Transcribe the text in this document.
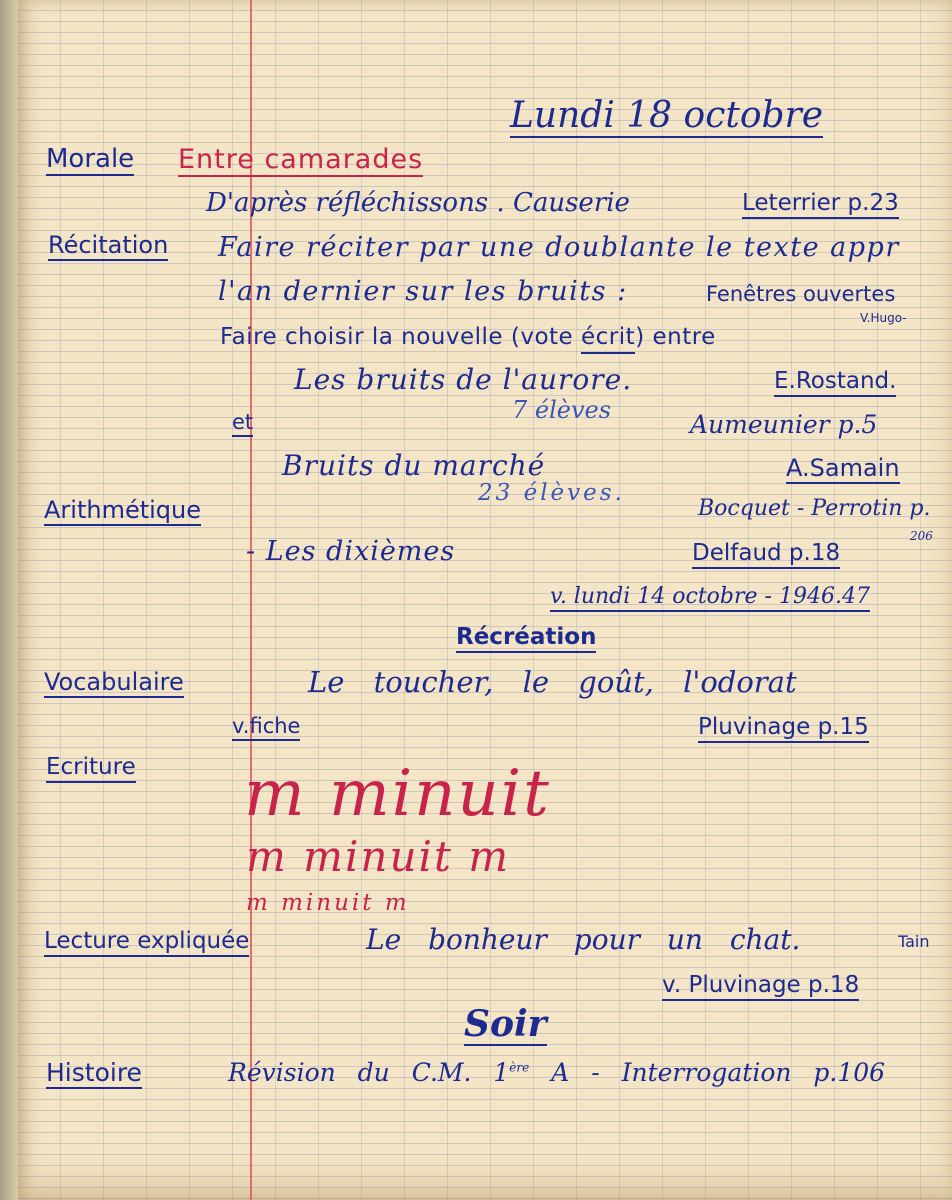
Lundi 18 octobre
Morale Entre camarades
D'après réfléchissons . Causerie	Leterrier p.23
Récitation Faire réciter par une doublante le texte appr
l'an dernier sur les bruits :	Fenêtres ouvertes
V.Hugo-
Faire choisir la nouvelle (vote écrit) entre
Les bruits de l'aurore.	E.Rostand.
et	7 élèves	Aumeunier p.5
Bruits du marché	A.Samain
23 élèves.
Arithmétique	Bocquet - Perrotin p.
206
- Les dixièmes	Delfaud p.18
v. lundi 14 octobre - 1946.47
Récréation
Vocabulaire	Le toucher, le goût, l'odorat
v.fiche	Pluvinage p.15
Ecriture m minuit
m minuit m
m minuit m
Lecture expliquée	Le bonheur pour un chat.	Tain
v. Pluvinage p.18
Soir
Histoire	Révision du C.M. 1ère A - Interrogation p.106
